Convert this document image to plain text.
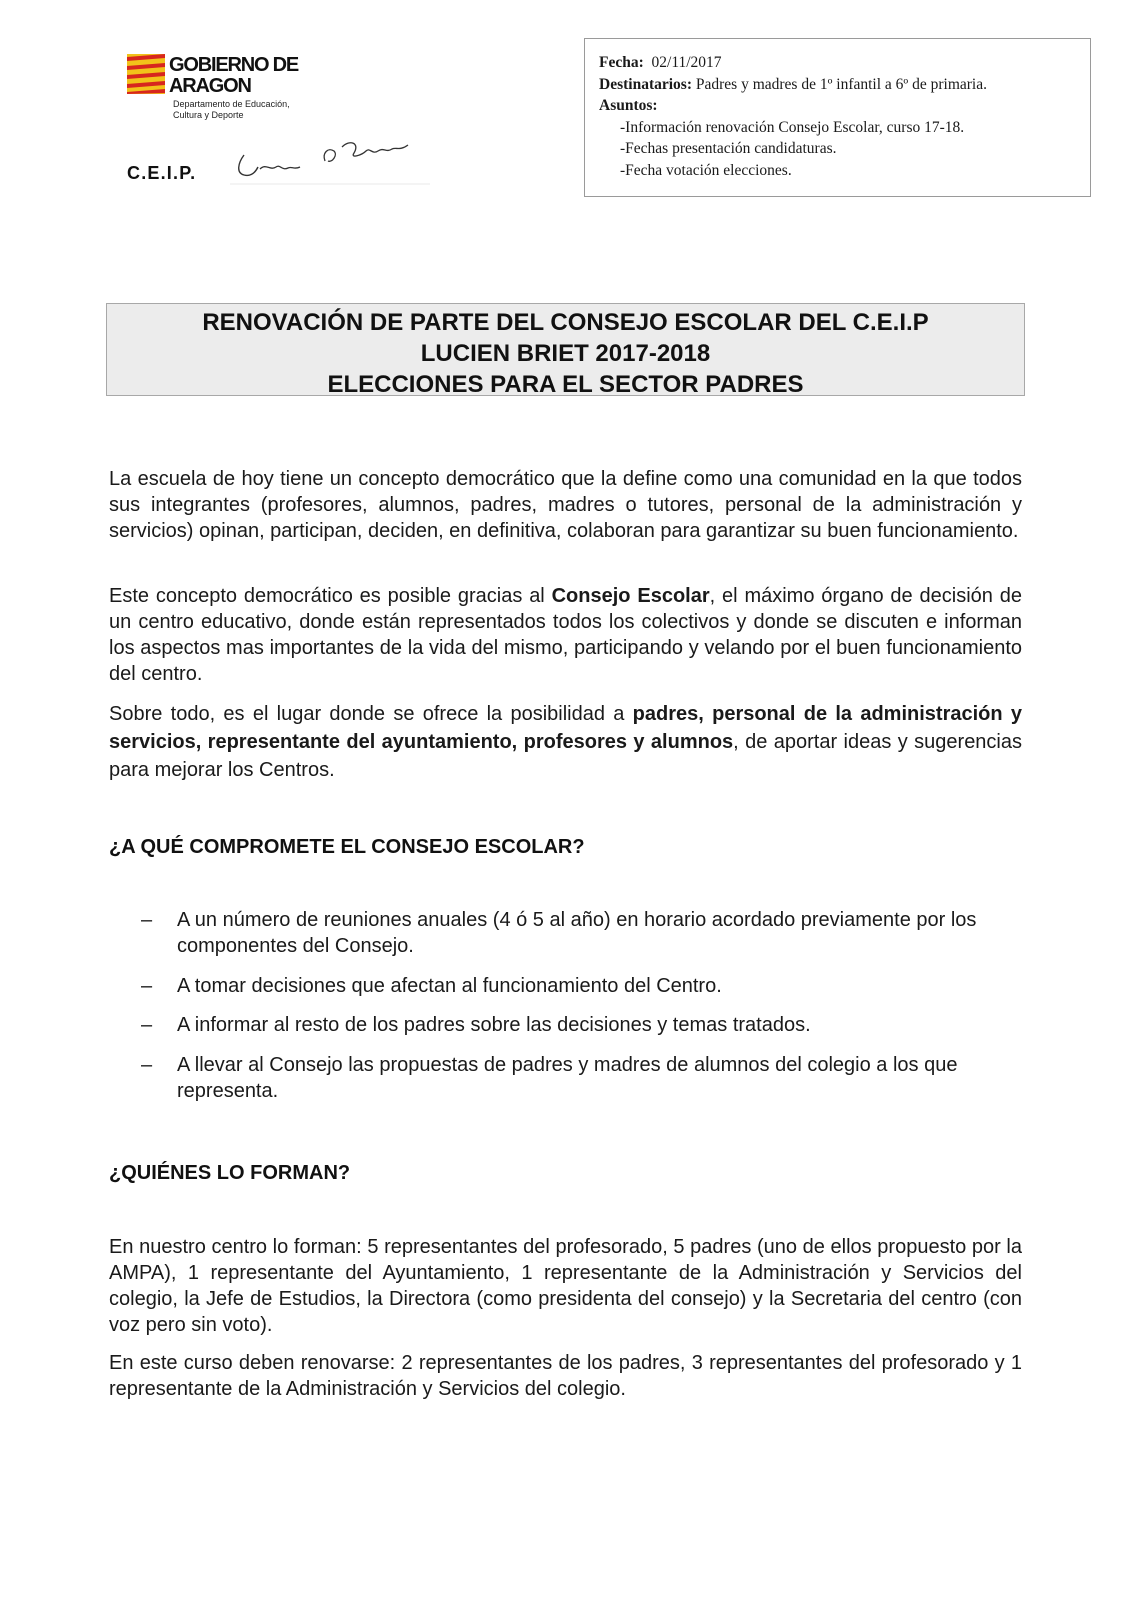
GOBIERNO DE ARAGON
Departamento de Educación,
Cultura y Deporte
C.E.I.P.
Fecha: 02/11/2017
Destinatarios: Padres y madres de 1º infantil a 6º de primaria.
Asuntos:
-Información renovación Consejo Escolar, curso 17-18.
-Fechas presentación candidaturas.
-Fecha votación elecciones.
RENOVACIÓN DE PARTE DEL CONSEJO ESCOLAR DEL C.E.I.P
LUCIEN BRIET 2017-2018
ELECCIONES PARA EL SECTOR PADRES

La escuela de hoy tiene un concepto democrático que la define como una comunidad en la que todos sus integrantes (profesores, alumnos, padres, madres o tutores, personal de la administración y servicios) opinan, participan, deciden, en definitiva, colaboran para garantizar su buen funcionamiento.

Este concepto democrático es posible gracias al Consejo Escolar, el máximo órgano de decisión de un centro educativo, donde están representados todos los colectivos y donde se discuten e informan los aspectos mas importantes de la vida del mismo, participando y velando por el buen funcionamiento del centro.

Sobre todo, es el lugar donde se ofrece la posibilidad a padres, personal de la administración y servicios, representante del ayuntamiento, profesores y alumnos, de aportar ideas y sugerencias para mejorar los Centros.

¿A QUÉ COMPROMETE EL CONSEJO ESCOLAR?

– A un número de reuniones anuales (4 ó 5 al año) en horario acordado previamente por los componentes del Consejo.

– A tomar decisiones que afectan al funcionamiento del Centro.

– A informar al resto de los padres sobre las decisiones y temas tratados.

– A llevar al Consejo las propuestas de padres y madres de alumnos del colegio a los que representa.

¿QUIÉNES LO FORMAN?

En nuestro centro lo forman: 5 representantes del profesorado, 5 padres (uno de ellos propuesto por la AMPA), 1 representante del Ayuntamiento, 1 representante de la Administración y Servicios del colegio, la Jefe de Estudios, la Directora (como presidenta del consejo) y la Secretaria del centro (con voz pero sin voto).

En este curso deben renovarse: 2 representantes de los padres, 3 representantes del profesorado y 1 representante de la Administración y Servicios del colegio.
